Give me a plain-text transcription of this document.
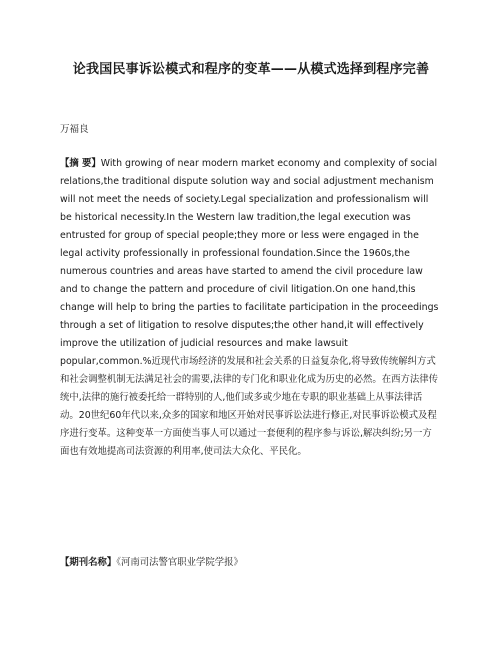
论我国民事诉讼模式和程序的变革——从模式选择到程序完善

万福良

【摘 要】With growing of near modern market economy and complexity of social relations,the traditional dispute solution way and social adjustment mechanism will not meet the needs of society.Legal specialization and professionalism will be historical necessity.In the Western law tradition,the legal execution was entrusted for group of special people;they more or less were engaged in the legal activity professionally in professional foundation.Since the 1960s,the numerous countries and areas have started to amend the civil procedure law and to change the pattern and procedure of civil litigation.On one hand,this change will help to bring the parties to facilitate participation in the proceedings through a set of litigation to resolve disputes;the other hand,it will effectively improve the utilization of judicial resources and make lawsuit popular,common.%近现代市场经济的发展和社会关系的日益复杂化,将导致传统解纠方式和社会调整机制无法满足社会的需要,法律的专门化和职业化成为历史的必然。在西方法律传统中,法律的施行被委托给一群特别的人,他们或多或少地在专职的职业基础上从事法律活动。20世纪60年代以来,众多的国家和地区开始对民事诉讼法进行修正,对民事诉讼模式及程序进行变革。这种变革一方面使当事人可以通过一套便利的程序参与诉讼,解决纠纷;另一方面也有效地提高司法资源的利用率,使司法大众化、平民化。

【期刊名称】《河南司法警官职业学院学报》
